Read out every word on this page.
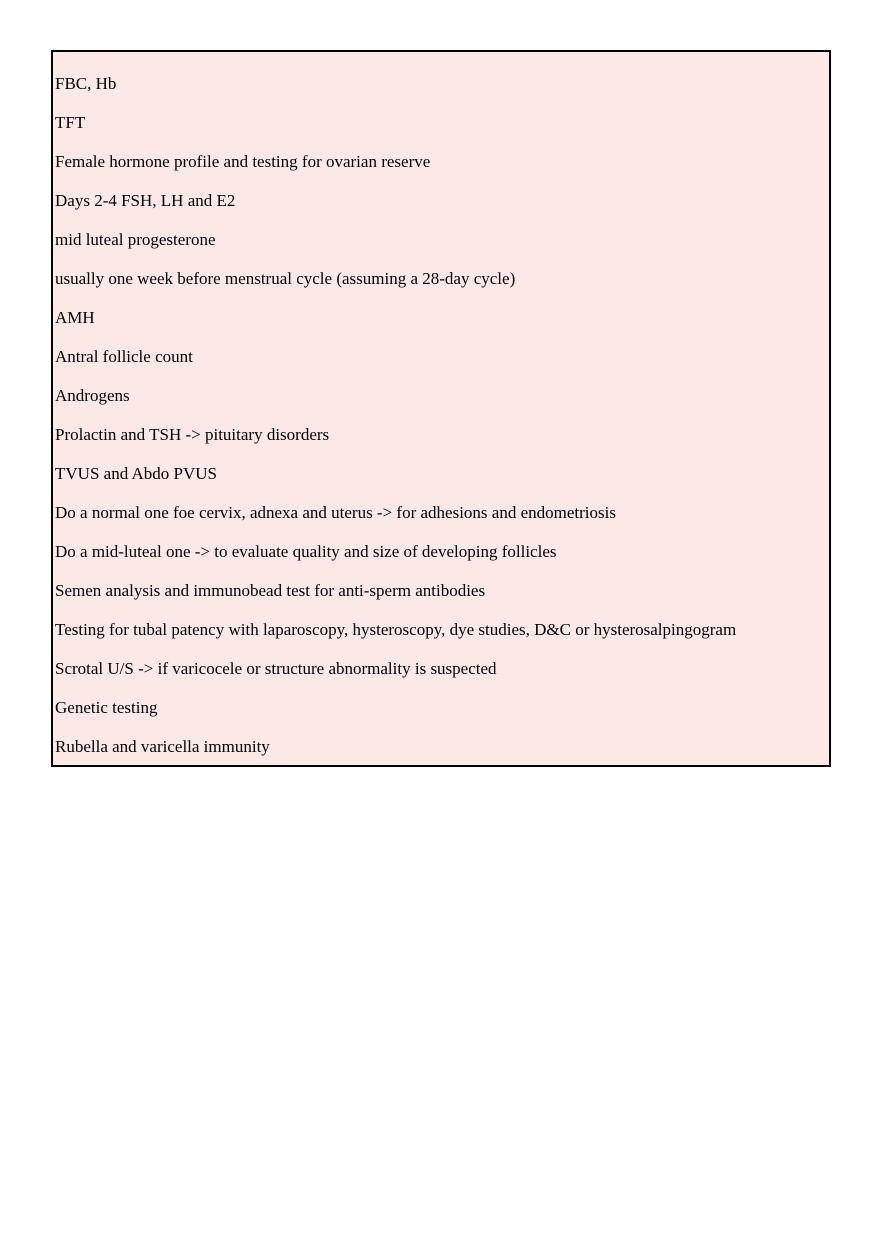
FBC, Hb
TFT
Female hormone profile and testing for ovarian reserve
Days 2-4 FSH, LH and E2
mid luteal progesterone
usually one week before menstrual cycle (assuming a 28-day cycle)
AMH
Antral follicle count
Androgens
Prolactin and TSH -> pituitary disorders
TVUS and Abdo PVUS
Do a normal one foe cervix, adnexa and uterus -> for adhesions and endometriosis
Do a mid-luteal one -> to evaluate quality and size of developing follicles
Semen analysis and immunobead test for anti-sperm antibodies
Testing for tubal patency with laparoscopy, hysteroscopy, dye studies, D&C or hysterosalpingogram
Scrotal U/S -> if varicocele or structure abnormality is suspected
Genetic testing
Rubella and varicella immunity
